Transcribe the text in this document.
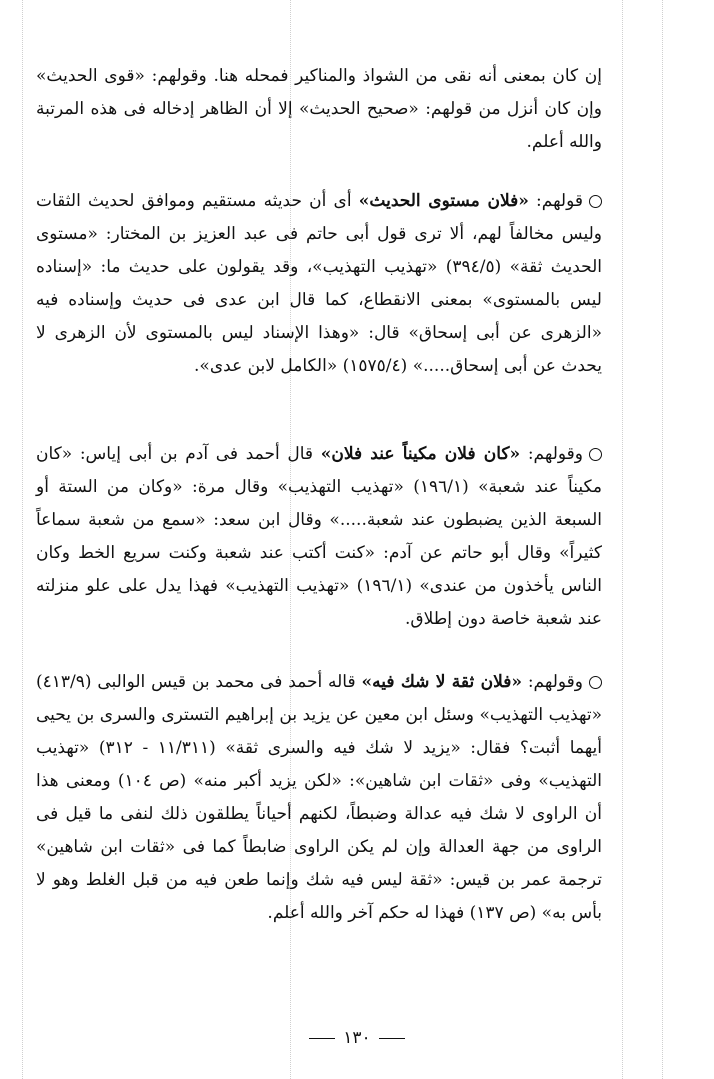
إن كان بمعنى أنه نقى من الشواذ والمناكير فمحله هنا. وقولهم: «قوى الحديث» وإن كان أنزل من قولهم: «صحيح الحديث» إلا أن الظاهر إدخاله فى هذه المرتبة والله أعلم.

قولهم: «فلان مستوى الحديث» أى أن حديثه مستقيم وموافق لحديث الثقات وليس مخالفاً لهم، ألا ترى قول أبى حاتم فى عبد العزيز بن المختار: «مستوى الحديث ثقة» (٣٩٤/٥) «تهذيب التهذيب»، وقد يقولون على حديث ما: «إسناده ليس بالمستوى» بمعنى الانقطاع، كما قال ابن عدى فى حديث وإسناده فيه «الزهرى عن أبى إسحاق» قال: «وهذا الإسناد ليس بالمستوى لأن الزهرى لا يحدث عن أبى إسحاق.....» (١٥٧٥/٤) «الكامل لابن عدى».

وقولهم: «كان فلان مكيناً عند فلان» قال أحمد فى آدم بن أبى إياس: «كان مكيناً عند شعبة» (١٩٦/١) «تهذيب التهذيب» وقال مرة: «وكان من الستة أو السبعة الذين يضبطون عند شعبة.....» وقال ابن سعد: «سمع من شعبة سماعاً كثيراً» وقال أبو حاتم عن آدم: «كنت أكتب عند شعبة وكنت سريع الخط وكان الناس يأخذون من عندى» (١٩٦/١) «تهذيب التهذيب» فهذا يدل على علو منزلته عند شعبة خاصة دون إطلاق.

وقولهم: «فلان ثقة لا شك فيه» قاله أحمد فى محمد بن قيس الوالبى (٤١٣/٩) «تهذيب التهذيب» وسئل ابن معين عن يزيد بن إبراهيم التسترى والسرى بن يحيى أيهما أثبت؟ فقال: «يزيد لا شك فيه والسرى ثقة» (١١/٣١١ - ٣١٢) «تهذيب التهذيب» وفى «ثقات ابن شاهين»: «لكن يزيد أكبر منه» (ص ١٠٤) ومعنى هذا أن الراوى لا شك فيه عدالة وضبطاً، لكنهم أحياناً يطلقون ذلك لنفى ما قيل فى الراوى من جهة العدالة وإن لم يكن الراوى ضابطاً كما فى «ثقات ابن شاهين» ترجمة عمر بن قيس: «ثقة ليس فيه شك وإنما طعن فيه من قبل الغلط وهو لا بأس به» (ص ١٣٧) فهذا له حكم آخر والله أعلم.

١٣٠
